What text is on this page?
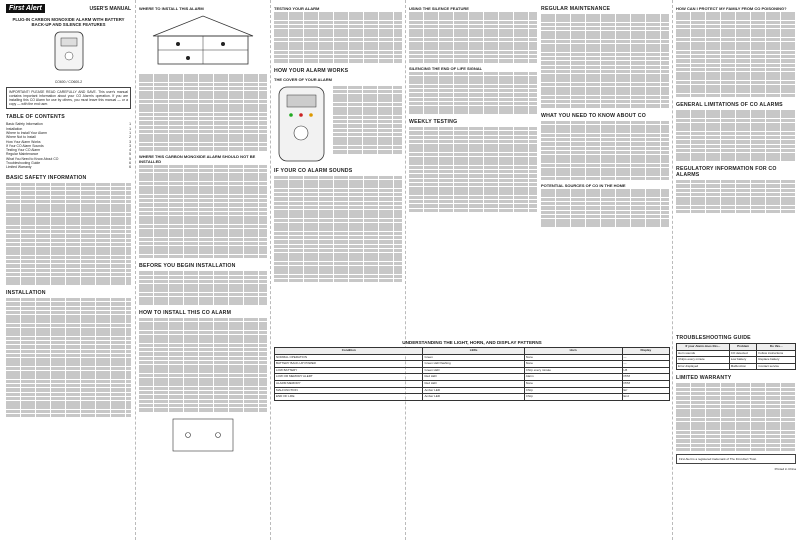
First Alert	USER'S MANUAL
PLUG-IN CARBON MONOXIDE ALARM WITH BATTERY BACK-UP AND SILENCE FEATURES
CO600 / CO600-2
IMPORTANT! PLEASE READ CAREFULLY AND SAVE. This user's manual contains important information about your CO Alarm's operation. If you are installing this CO Alarm for use by others, you must leave this manual — or a copy — with the end user.
TABLE OF CONTENTS
Basic Safety Information	1
Installation	1
Where to Install Your Alarm	1
Where Not to Install	2
How Your Alarm Works	3
If Your CO Alarm Sounds	3
Testing Your CO Alarm	4
Regular Maintenance	5
What You Need to Know About CO	5
Troubleshooting Guide	6
Limited Warranty	6
BASIC SAFETY INFORMATION
INSTALLATION
WHERE TO INSTALL THIS ALARM
WHERE THIS CARBON MONOXIDE ALARM SHOULD NOT BE INSTALLED
BEFORE YOU BEGIN INSTALLATION
HOW TO INSTALL THIS CO ALARM
TESTING YOUR ALARM
HOW YOUR ALARM WORKS
THE COVER OF YOUR ALARM
IF YOUR CO ALARM SOUNDS
USING THE SILENCE FEATURE
SILENCING THE END OF LIFE SIGNAL
WEEKLY TESTING
REGULAR MAINTENANCE
WHAT YOU NEED TO KNOW ABOUT CO
POTENTIAL SOURCES OF CO IN THE HOME
HOW CAN I PROTECT MY FAMILY FROM CO POISONING?
GENERAL LIMITATIONS OF CO ALARMS
REGULATORY INFORMATION FOR CO ALARMS
UNDERSTANDING THE LIGHT, HORN, AND DISPLAY PATTERNS
Condition	LEDs	Horn	Display
NORMAL OPERATION	Green	None	---
BATTERY BACK-UP POWER	Green LED flashing	None	---
LOW BATTERY	Green LED	Chirp every minute	LB
LOW OR MEMORY ALERT	Red LED	Alarm	PPM
ALARM MEMORY	Red LED	None	PPM
MALFUNCTION	Amber LED	Chirp	Err
END OF LIFE	Amber LED	Chirp	End
TROUBLESHOOTING GUIDE
If your Alarm does this...	Problem	Do this...
Horn sounds	CO detected	Follow instructions
Chirps every minute	Low battery	Replace battery
Error displayed	Malfunction	Contact service
LIMITED WARRANTY
First Alert is a registered trademark of The First Alert Trust.
Printed in China
